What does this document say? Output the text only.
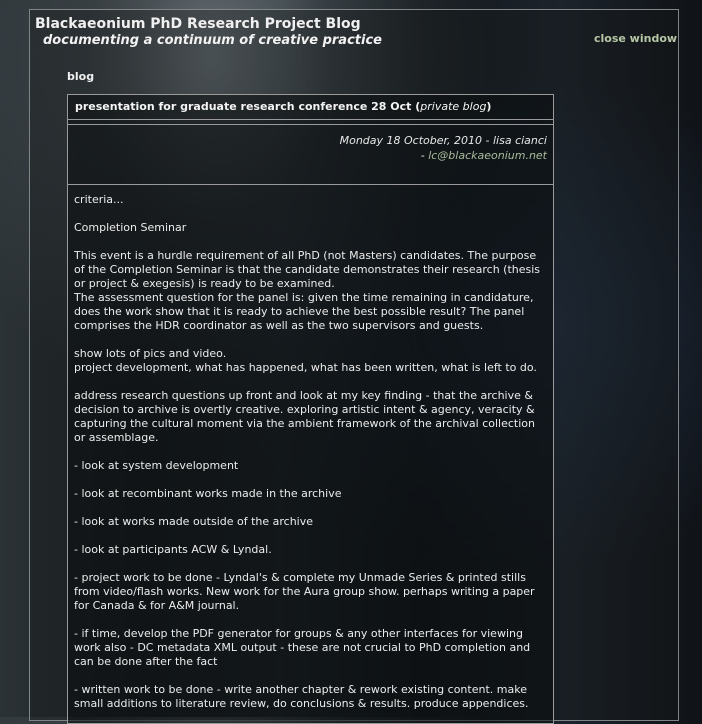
Blackaeonium PhD Research Project Blog
documenting a continuum of creative practice	close window
blog
presentation for graduate research conference 28 Oct (private blog)
Monday 18 October, 2010 - lisa cianci
- lc@blackaeonium.net

criteria...

Completion Seminar

This event is a hurdle requirement of all PhD (not Masters) candidates. The purpose of the Completion Seminar is that the candidate demonstrates their research (thesis or project & exegesis) is ready to be examined.

The assessment question for the panel is: given the time remaining in candidature, does the work show that it is ready to achieve the best possible result? The panel comprises the HDR coordinator as well as the two supervisors and guests.

show lots of pics and video.

project development, what has happened, what has been written, what is left to do.

address research questions up front and look at my key finding - that the archive & decision to archive is overtly creative. exploring artistic intent & agency, veracity & capturing the cultural moment via the ambient framework of the archival collection or assemblage.

- look at system development

- look at recombinant works made in the archive

- look at works made outside of the archive

- look at participants ACW & Lyndal.

- project work to be done - Lyndal's & complete my Unmade Series & printed stills from video/flash works. New work for the Aura group show. perhaps writing a paper for Canada & for A&M journal.

- if time, develop the PDF generator for groups & any other interfaces for viewing work also - DC metadata XML output - these are not crucial to PhD completion and can be done after the fact

- written work to be done - write another chapter & rework existing content. make small additions to literature review, do conclusions & results. produce appendices.
